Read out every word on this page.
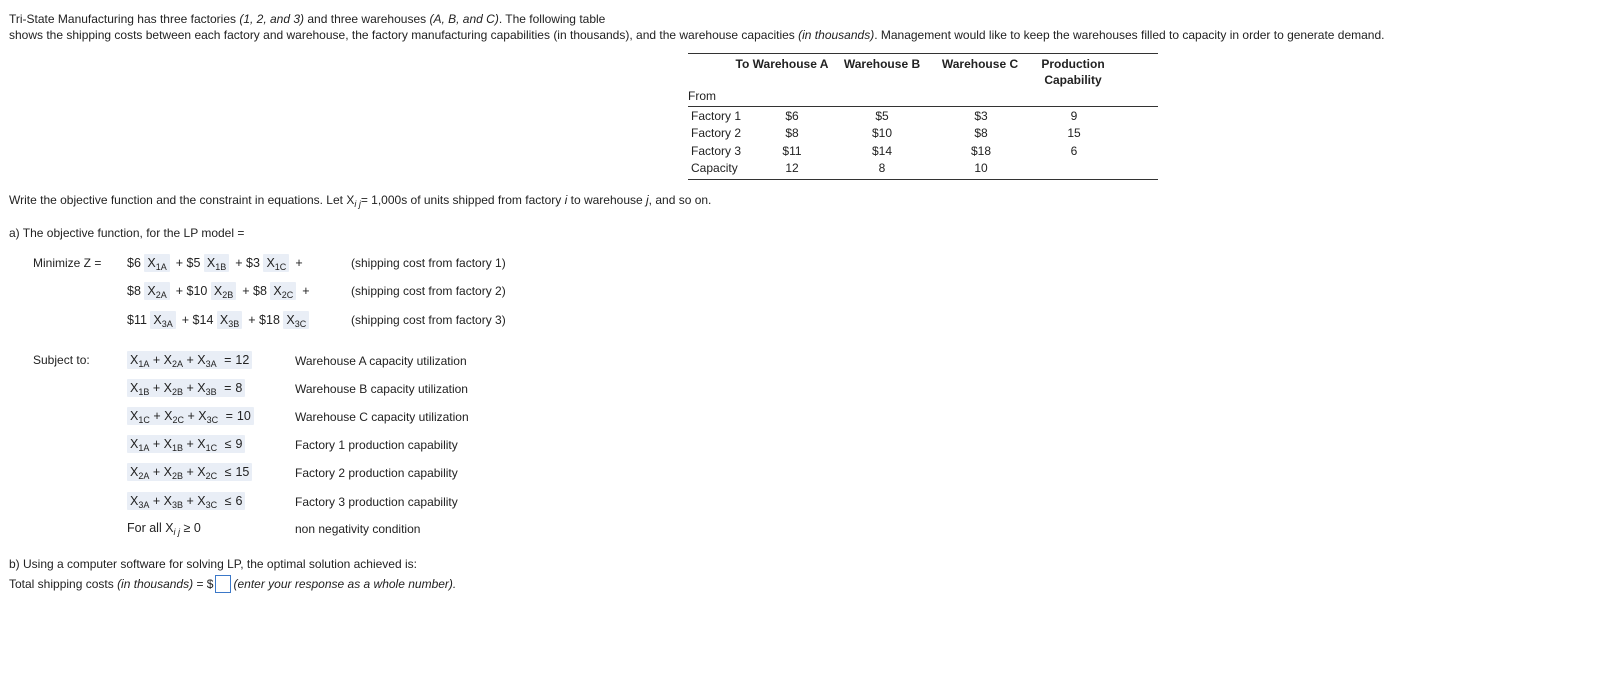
Tri-State Manufacturing has three factories (1, 2, and 3) and three warehouses (A, B, and C). The following table
shows the shipping costs between each factory and warehouse, the factory manufacturing capabilities (in thousands), and the warehouse capacities (in thousands). Management would like to keep the warehouses filled to capacity in order to generate demand.
To Warehouse A	Warehouse B	Warehouse C	Production
Capability
From
Factory 1	$6	$5	$3	9
Factory 2	$8	$10	$8	15
Factory 3	$11	$14	$18	6
Capacity	12	8	10
Write the objective function and the constraint in equations. Let $X_{i j}= 1,000s$ of units shipped from factory i to warehouse j, and so on.
a) The objective function, for the LP model =
Minimize Z = $6 $X_{1A}$ + $5 $X_{1B}$ + $3 $X_{1C}$ +	(shipping cost from factory 1)
$8 $X_{2A}$ + $10 $X_{2B}$ + $8 $X_{2C}$ +	(shipping cost from factory 2)
$11 $X_{3A}$ + $14 $X_{3B}$ + $18 $X_{3C}$	(shipping cost from factory 3)
Subject to:	$X_{1A} + X_{2A} + X_{3A} = 12$	Warehouse A capacity utilization
$X_{1B} + X_{2B} + X_{3B} = 8$	Warehouse B capacity utilization
$X_{1C} + X_{2C} + X_{3C} = 10$	Warehouse C capacity utilization
$X_{1A} + X_{1B} + X_{1C} \le 9$	Factory 1 production capability
$X_{2A} + X_{2B} + X_{2C} \le 15$	Factory 2 production capability
$X_{3A} + X_{3B} + X_{3C} \le 6$	Factory 3 production capability
For all $X_{i j} \ge 0$	non negativity condition
b) Using a computer software for solving LP, the optimal solution achieved is:
Total shipping costs (in thousands) = $ (enter your response as a whole number).
